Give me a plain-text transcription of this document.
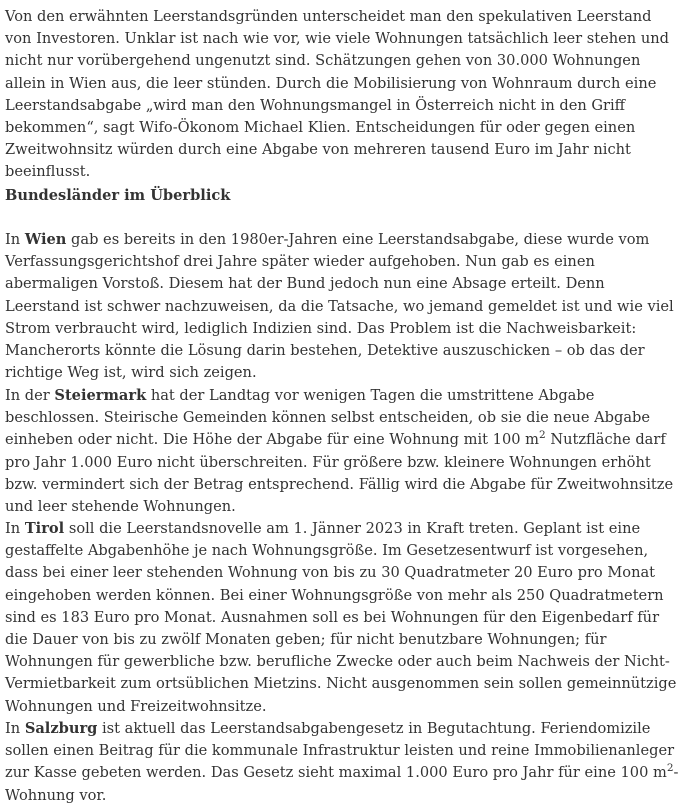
Von den erwähnten Leerstandsgründen unterscheidet man den spekulativen Leerstand von Investoren. Unklar ist nach wie vor, wie viele Wohnungen tatsächlich leer stehen und nicht nur vorübergehend ungenutzt sind. Schätzungen gehen von 30.000 Wohnungen allein in Wien aus, die leer stünden. Durch die Mobilisierung von Wohnraum durch eine Leerstandsabgabe „wird man den Wohnungsmangel in Österreich nicht in den Griff bekommen“, sagt Wifo-Ökonom Michael Klien. Entscheidungen für oder gegen einen Zweitwohnsitz würden durch eine Abgabe von mehreren tausend Euro im Jahr nicht beeinflusst.

Bundesländer im Überblick

In Wien gab es bereits in den 1980er-Jahren eine Leerstandsabgabe, diese wurde vom Verfassungsgerichtshof drei Jahre später wieder aufgehoben. Nun gab es einen abermaligen Vorstoß. Diesem hat der Bund jedoch nun eine Absage erteilt. Denn Leerstand ist schwer nachzuweisen, da die Tatsache, wo jemand gemeldet ist und wie viel Strom verbraucht wird, lediglich Indizien sind. Das Problem ist die Nachweisbarkeit: Mancherorts könnte die Lösung darin bestehen, Detektive auszuschicken – ob das der richtige Weg ist, wird sich zeigen.

In der Steiermark hat der Landtag vor wenigen Tagen die umstrittene Abgabe beschlossen. Steirische Gemeinden können selbst entscheiden, ob sie die neue Abgabe einheben oder nicht. Die Höhe der Abgabe für eine Wohnung mit 100 $m^2$ Nutzfläche darf pro Jahr 1.000 Euro nicht überschreiten. Für größere bzw. kleinere Wohnungen erhöht bzw. vermindert sich der Betrag entsprechend. Fällig wird die Abgabe für Zweitwohnsitze und leer stehende Wohnungen.

In Tirol soll die Leerstandsnovelle am 1. Jänner 2023 in Kraft treten. Geplant ist eine gestaffelte Abgabenhöhe je nach Wohnungsgröße. Im Gesetzesentwurf ist vorgesehen, dass bei einer leer stehenden Wohnung von bis zu 30 Quadratmeter 20 Euro pro Monat eingehoben werden können. Bei einer Wohnungsgröße von mehr als 250 Quadratmetern sind es 183 Euro pro Monat. Ausnahmen soll es bei Wohnungen für den Eigenbedarf für die Dauer von bis zu zwölf Monaten geben; für nicht benutzbare Wohnungen; für Wohnungen für gewerbliche bzw. berufliche Zwecke oder auch beim Nachweis der Nicht-Vermietbarkeit zum ortsüblichen Mietzins. Nicht ausgenommen sein sollen gemeinnützige Wohnungen und Freizeitwohnsitze.

In Salzburg ist aktuell das Leerstandsabgabengesetz in Begutachtung. Feriendomizile sollen einen Beitrag für die kommunale Infrastruktur leisten und reine Immobilienanleger zur Kasse gebeten werden. Das Gesetz sieht maximal 1.000 Euro pro Jahr für eine 100 $m^2$-Wohnung vor.
